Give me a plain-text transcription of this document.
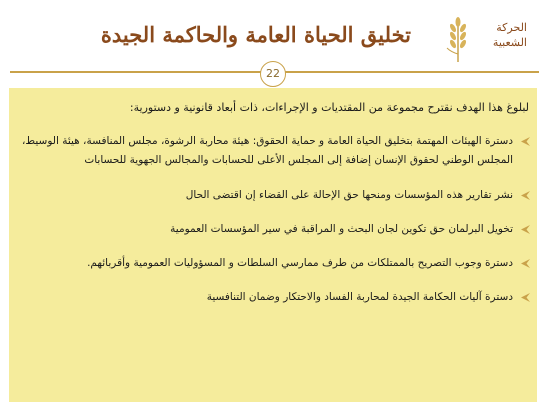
تخليق الحياة العامة والحاكمة الجيدة	الحركة
الشعبية
22
لبلوغ هذا الهدف نقترح مجموعة من المقتديات و الإجراءات، ذات أبعاد قانونية و دستورية:
دسترة الهيئات المهتمة بتخليق الحياة العامة و حماية الحقوق: هيئة محاربة الرشوة، مجلس المنافسة، هيئة الوسيط، المجلس الوطني لحقوق الإنسان إضافة إلى المجلس الأعلى للحسابات والمجالس الجهوية للحسابات
نشر تقارير هذه المؤسسات ومنحها حق الإحالة على القضاء إن اقتضى الحال
تخويل البرلمان حق تكوين لجان البحث و المراقبة في سير المؤسسات العمومية
دسترة وجوب التصريح بالممتلكات من طرف ممارسي السلطات و المسؤوليات العمومية وأقربائهم.
دسترة آليات الحكامة الجيدة لمحاربة الفساد والاحتكار وضمان التنافسية
